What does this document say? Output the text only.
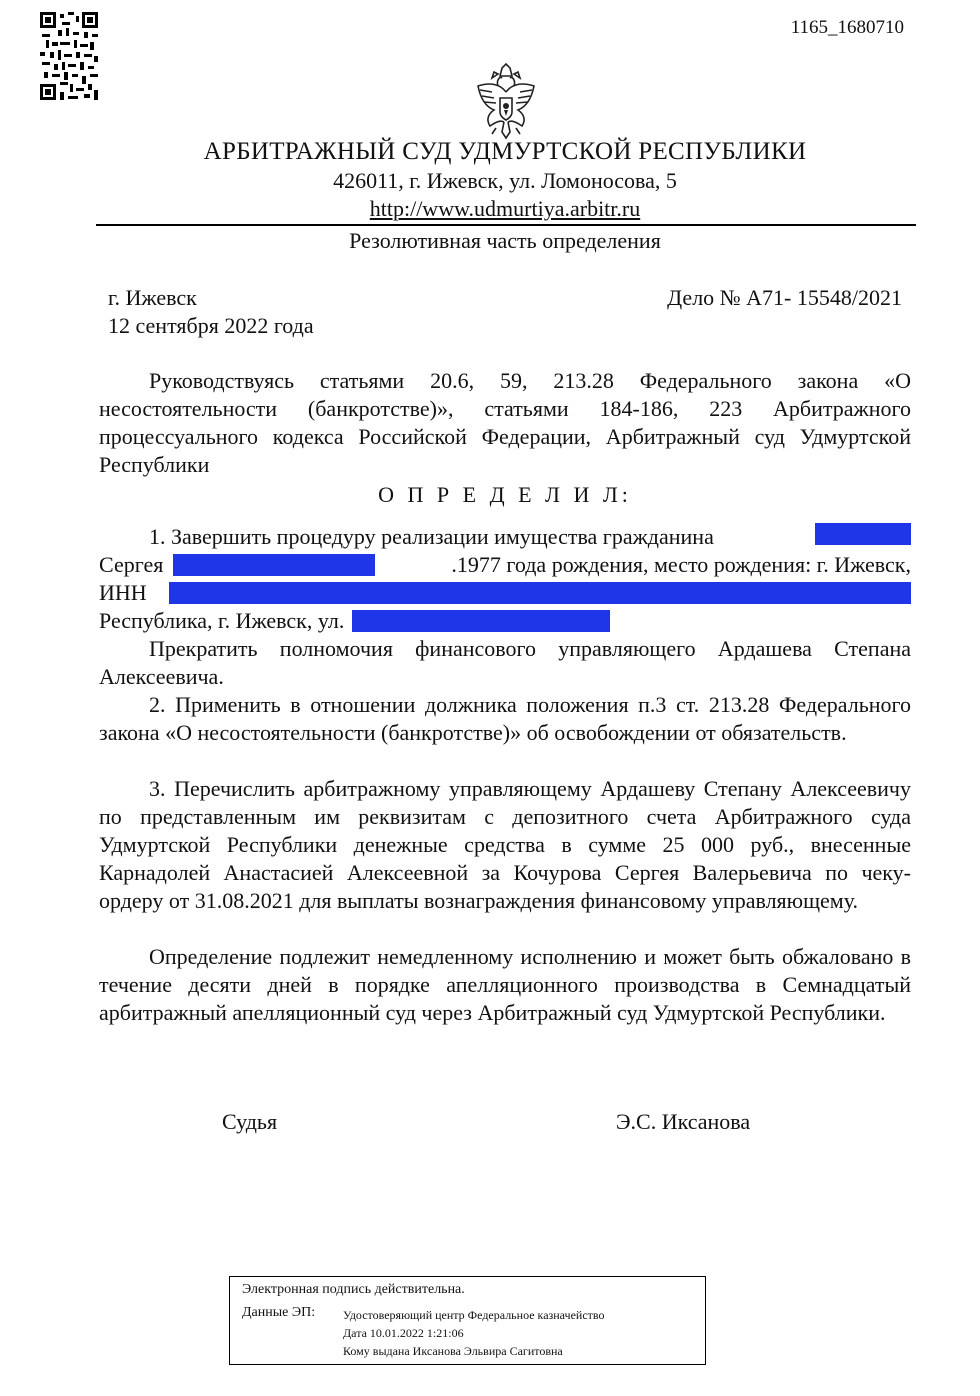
1165_1680710
АРБИТРАЖНЫЙ СУД УДМУРТСКОЙ РЕСПУБЛИКИ
426011, г. Ижевск, ул. Ломоносова, 5
http://www.udmurtiya.arbitr.ru
Резолютивная часть определения
г. Ижевск
12 сентября 2022 года
Дело № А71- 15548/2021

Руководствуясь статьями 20.6, 59, 213.28 Федерального закона «О несостоятельности (банкротстве)», статьями 184-186, 223 Арбитражного процессуального кодекса Российской Федерации, Арбитражный суд Удмуртской Республики

О П Р Е Д Е Л И Л:
1. Завершить процедуру реализации имущества гражданина
Сергея	.1977 года рождения, место рождения: г. Ижевск,
ИНН
Республика, г. Ижевск, ул.

Прекратить полномочия финансового управляющего Ардашева Степана Алексеевича.

2. Применить в отношении должника положения п.3 ст. 213.28 Федерального закона «О несостоятельности (банкротстве)» об освобождении от обязательств.

3. Перечислить арбитражному управляющему Ардашеву Степану Алексеевичу по представленным им реквизитам с депозитного счета Арбитражного суда Удмуртской Республики денежные средства в сумме 25 000 руб., внесенные Карнадолей Анастасией Алексеевной за Кочурова Сергея Валерьевича по чеку-ордеру от 31.08.2021 для выплаты вознаграждения финансовому управляющему.

Определение подлежит немедленному исполнению и может быть обжаловано в течение десяти дней в порядке апелляционного производства в Семнадцатый арбитражный апелляционный суд через Арбитражный суд Удмуртской Республики.

Судья	Э.С. Иксанова
Электронная подпись действительна.
Данные ЭП: Удостоверяющий центр Федеральное казначейство
Дата 10.01.2022 1:21:06
Кому выдана Иксанова Эльвира Сагитовна
